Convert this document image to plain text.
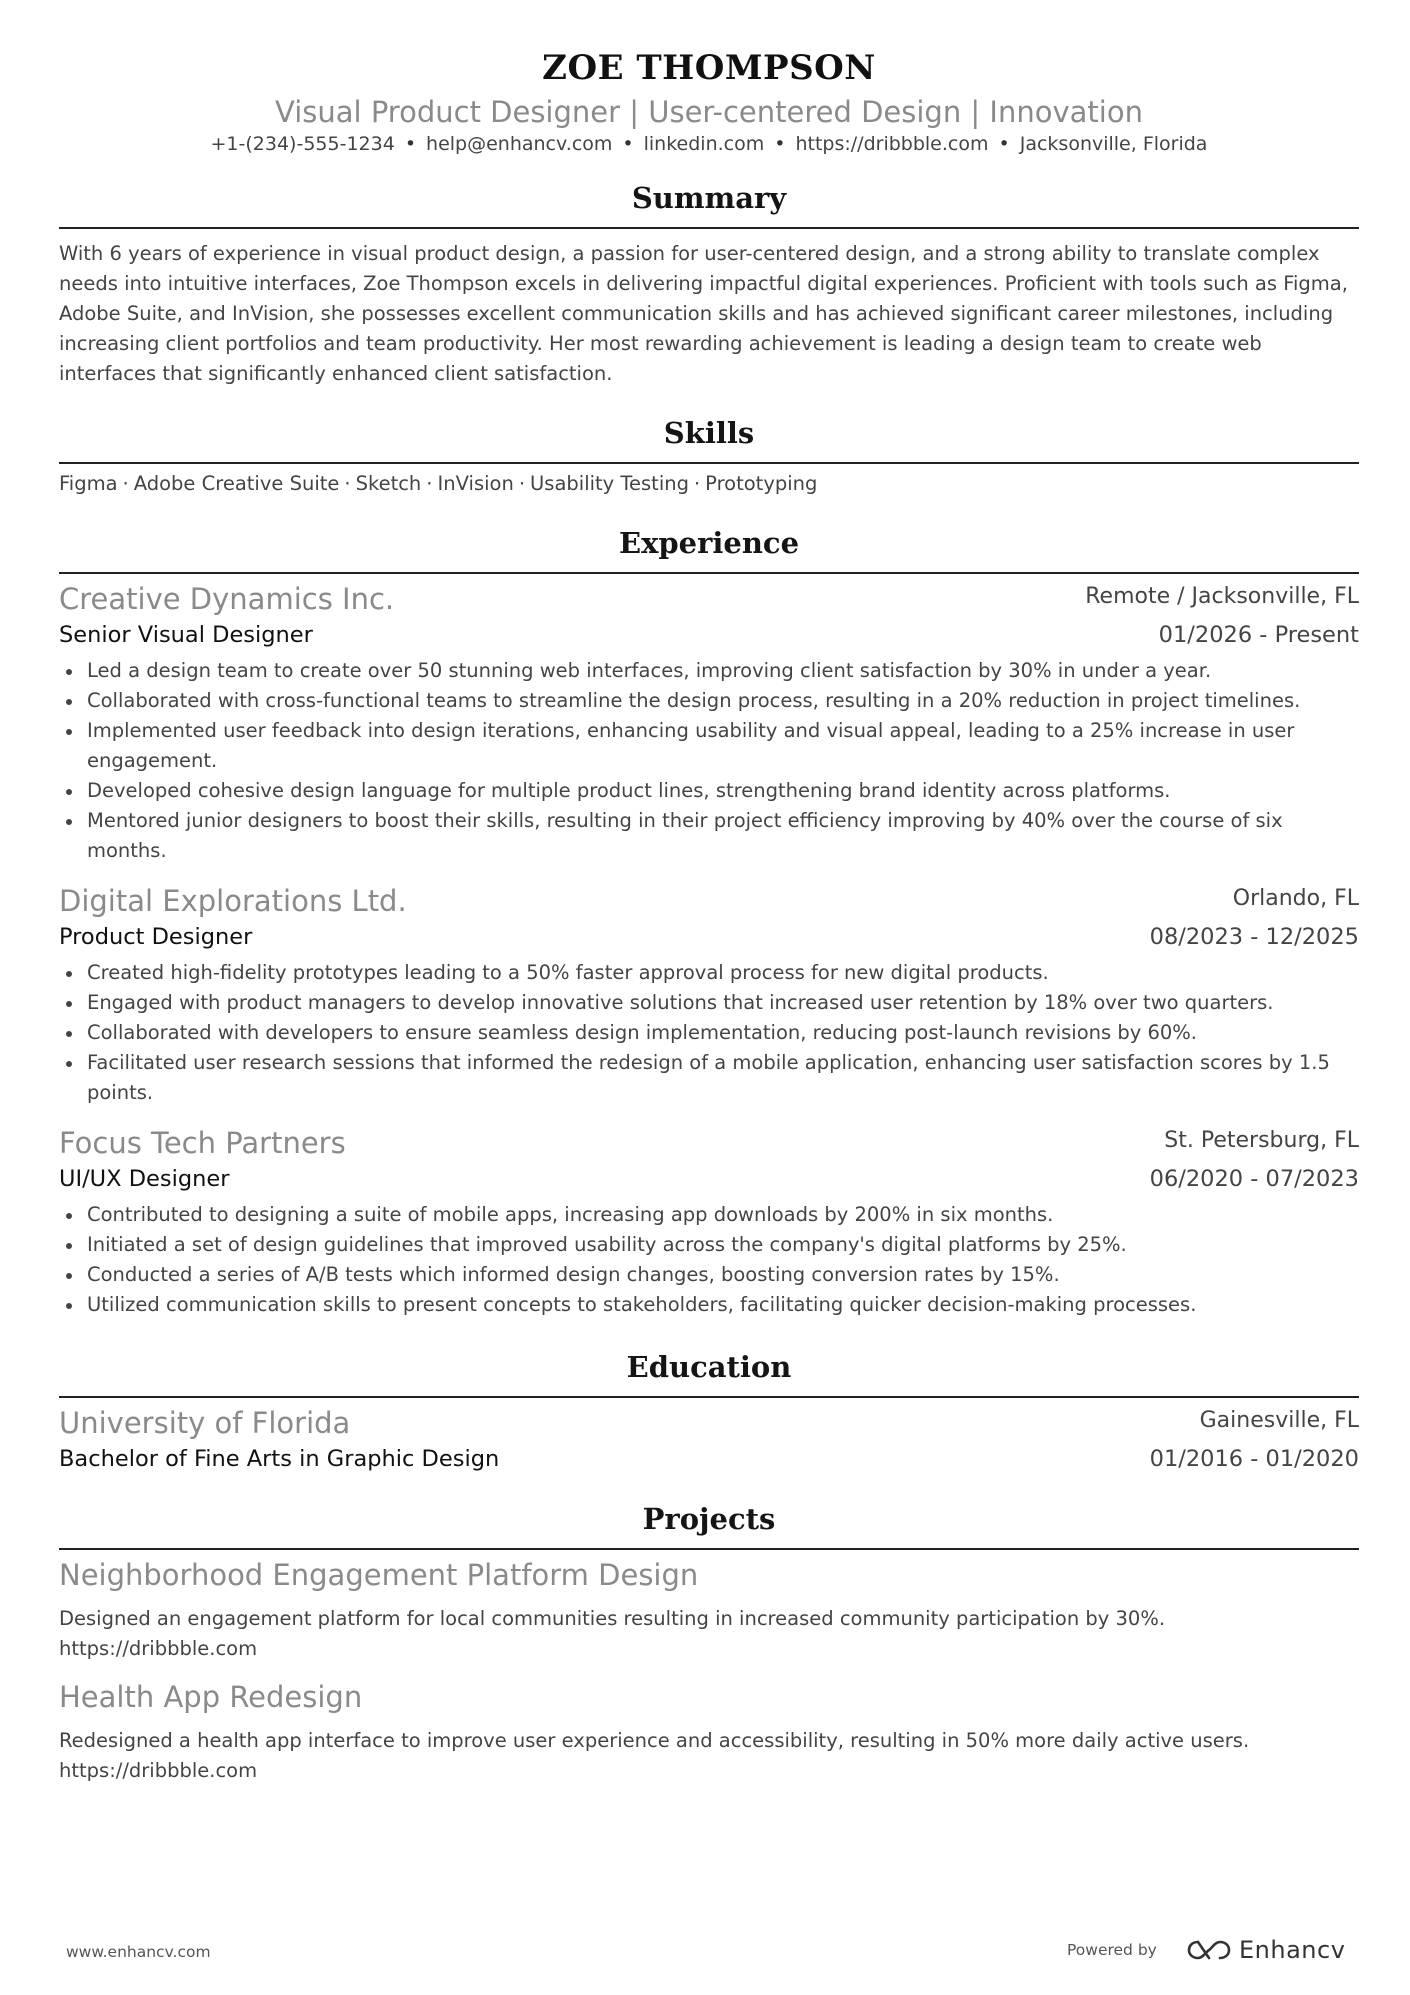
ZOE THOMPSON
Visual Product Designer | User-centered Design | Innovation
+1-(234)-555-1234 • help@enhancv.com • linkedin.com • https://dribbble.com • Jacksonville, Florida
Summary
With 6 years of experience in visual product design, a passion for user-centered design, and a strong ability to translate complex needs into intuitive interfaces, Zoe Thompson excels in delivering impactful digital experiences. Proficient with tools such as Figma, Adobe Suite, and InVision, she possesses excellent communication skills and has achieved significant career milestones, including increasing client portfolios and team productivity. Her most rewarding achievement is leading a design team to create web interfaces that significantly enhanced client satisfaction.
Skills
Figma · Adobe Creative Suite · Sketch · InVision · Usability Testing · Prototyping
Experience
Creative Dynamics Inc.	Remote / Jacksonville, FL
Senior Visual Designer	01/2026 - Present
Led a design team to create over 50 stunning web interfaces, improving client satisfaction by 30% in under a year.
Collaborated with cross-functional teams to streamline the design process, resulting in a 20% reduction in project timelines.
Implemented user feedback into design iterations, enhancing usability and visual appeal, leading to a 25% increase in user engagement.
Developed cohesive design language for multiple product lines, strengthening brand identity across platforms.
Mentored junior designers to boost their skills, resulting in their project efficiency improving by 40% over the course of six months.
Digital Explorations Ltd.	Orlando, FL
Product Designer	08/2023 - 12/2025
Created high-fidelity prototypes leading to a 50% faster approval process for new digital products.
Engaged with product managers to develop innovative solutions that increased user retention by 18% over two quarters.
Collaborated with developers to ensure seamless design implementation, reducing post-launch revisions by 60%.
Facilitated user research sessions that informed the redesign of a mobile application, enhancing user satisfaction scores by 1.5 points.
Focus Tech Partners	St. Petersburg, FL
UI/UX Designer	06/2020 - 07/2023
Contributed to designing a suite of mobile apps, increasing app downloads by 200% in six months.
Initiated a set of design guidelines that improved usability across the company's digital platforms by 25%.
Conducted a series of A/B tests which informed design changes, boosting conversion rates by 15%.
Utilized communication skills to present concepts to stakeholders, facilitating quicker decision-making processes.
Education
University of Florida	Gainesville, FL
Bachelor of Fine Arts in Graphic Design	01/2016 - 01/2020
Projects
Neighborhood Engagement Platform Design
Designed an engagement platform for local communities resulting in increased community participation by 30%.
https://dribbble.com
Health App Redesign
Redesigned a health app interface to improve user experience and accessibility, resulting in 50% more daily active users.
https://dribbble.com
www.enhancv.com	Powered by	Enhancv
